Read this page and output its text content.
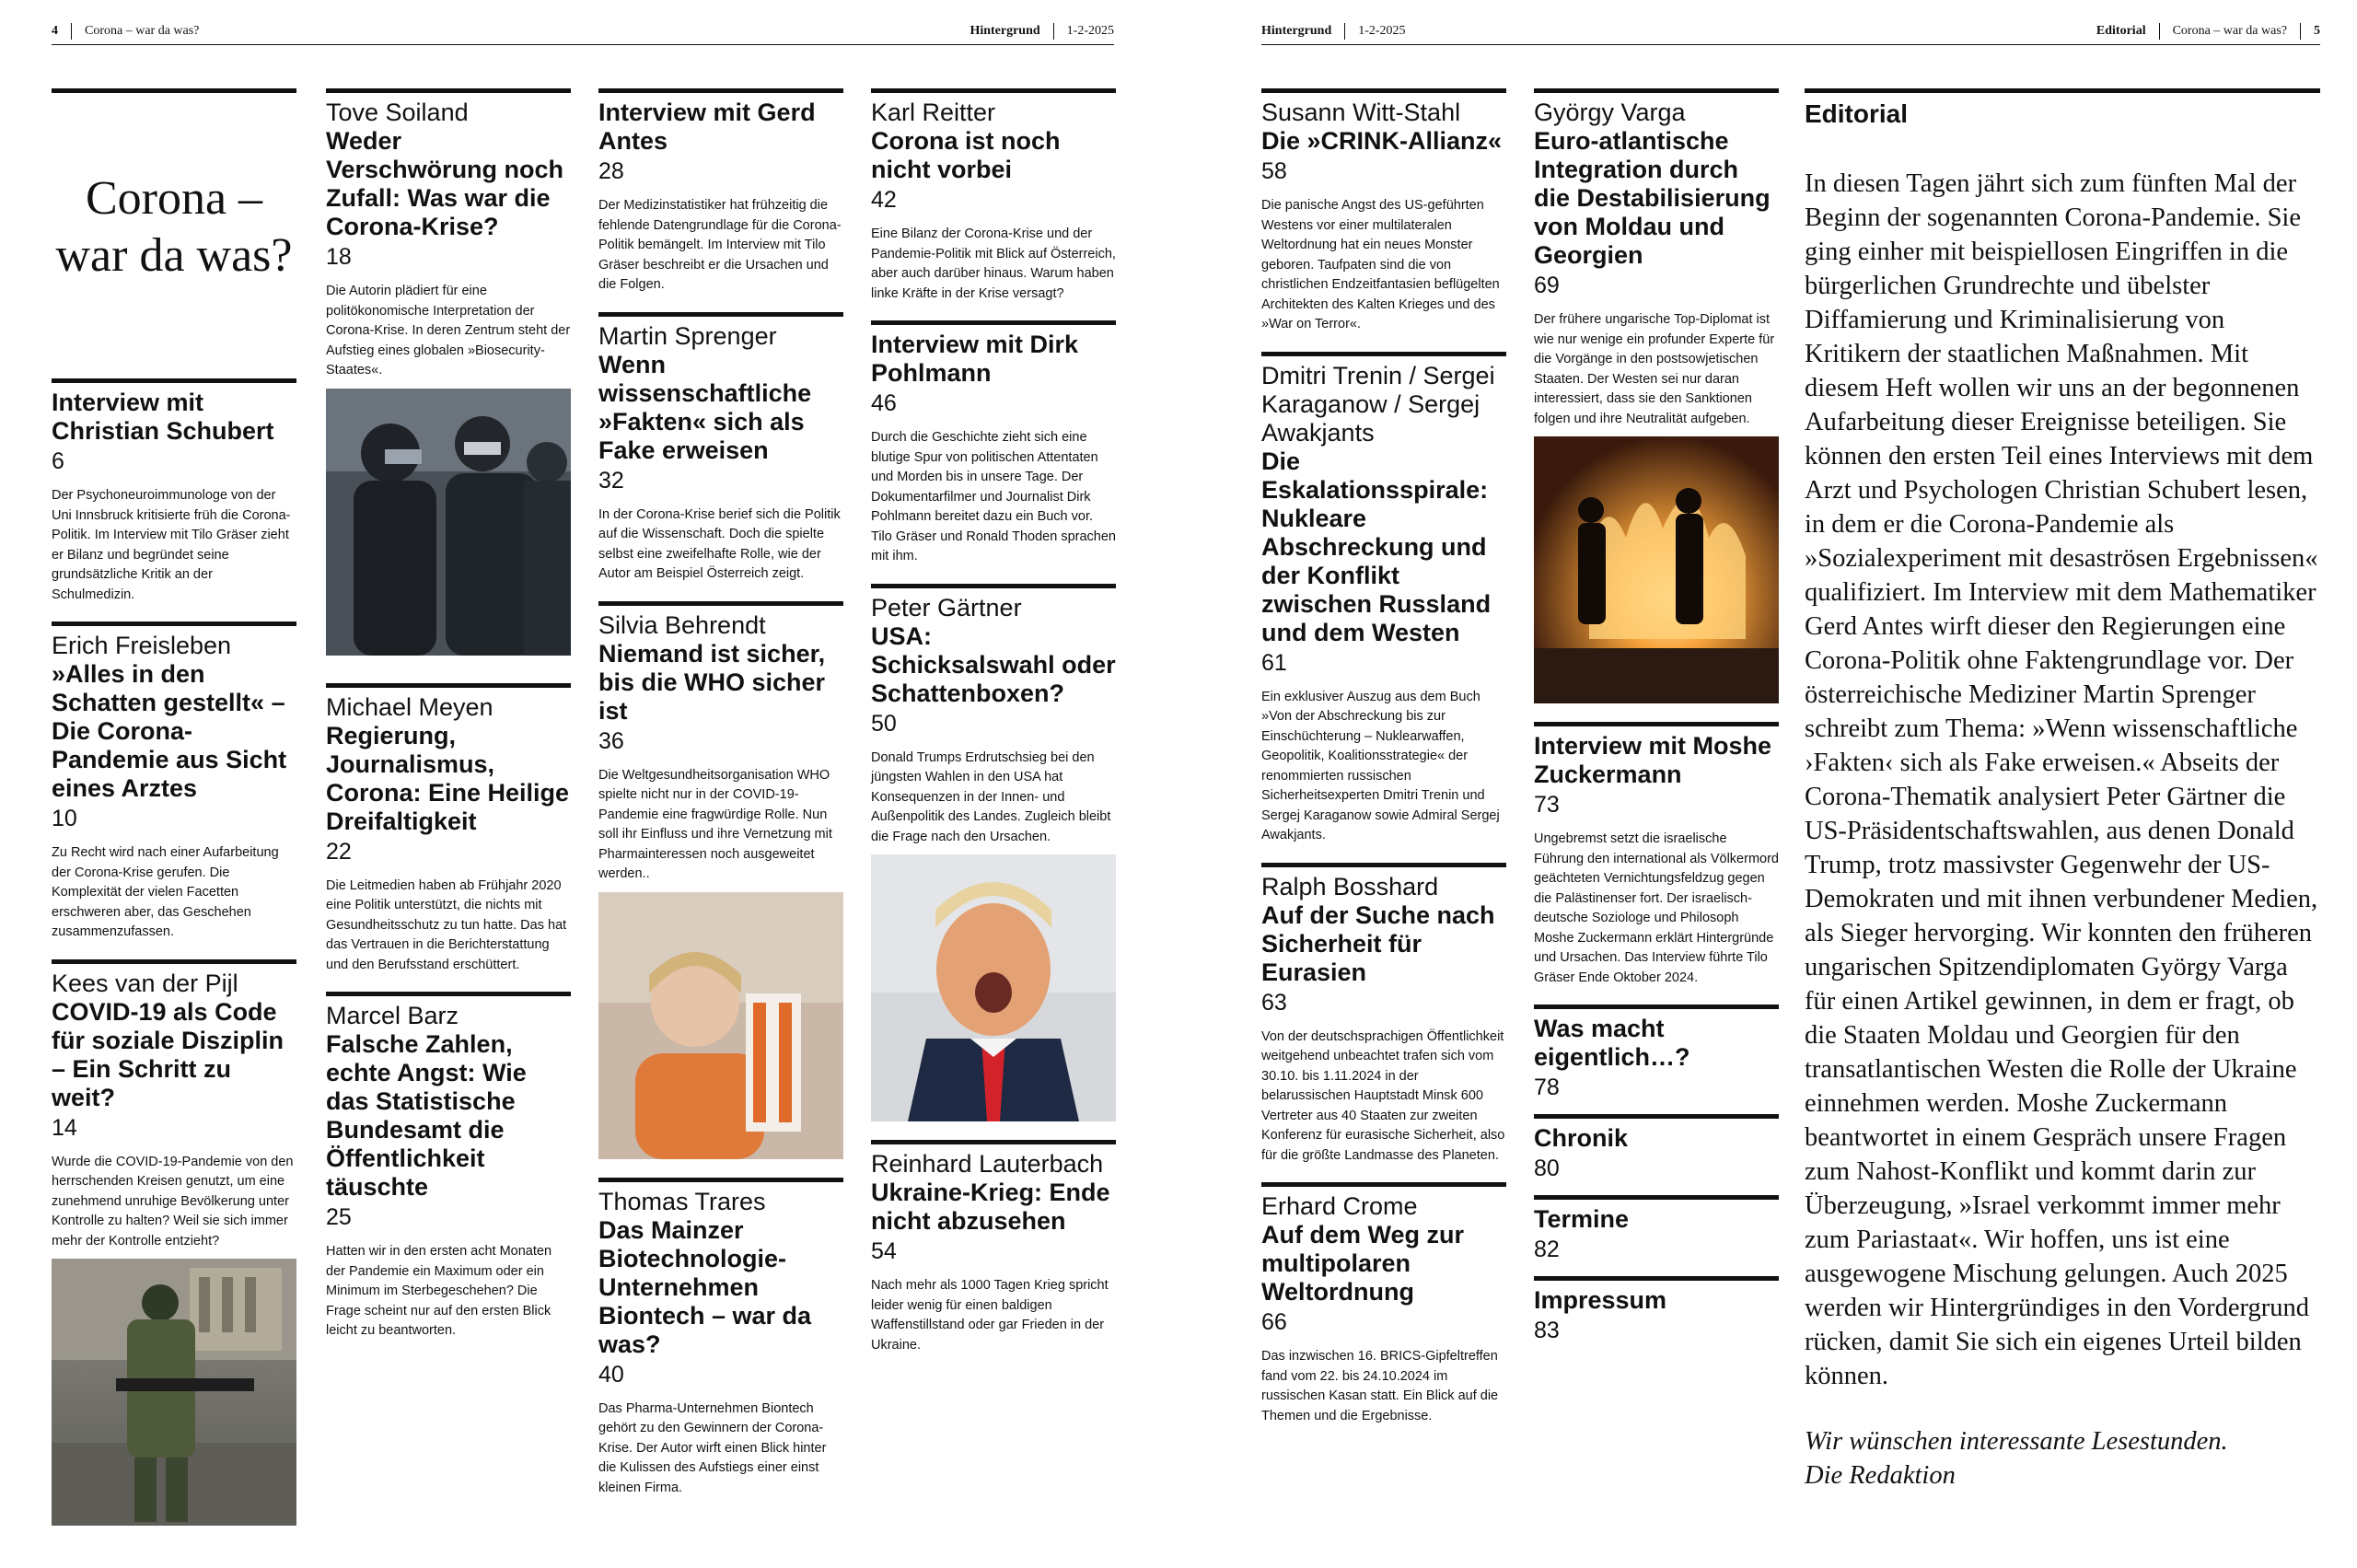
4 Corona – war da was?	Hintergrund 1-2-2025
Corona – war da was?
Interview mit Christian Schubert
6
Der Psychoneuroimmunologe von der Uni Innsbruck kritisierte früh die Corona-Politik. Im Interview mit Tilo Gräser zieht er Bilanz und begründet seine grundsätzliche Kritik an der Schulmedizin.
Erich Freisleben
»Alles in den Schatten gestellt« – Die Corona-Pandemie aus Sicht eines Arztes
10
Zu Recht wird nach einer Aufarbeitung der Corona-Krise gerufen. Die Komplexität der vielen Facetten erschweren aber, das Geschehen zusammenzufassen.
Kees van der Pijl
COVID-19 als Code für soziale Disziplin – Ein Schritt zu weit?
14
Wurde die COVID-19-Pandemie von den herrschenden Kreisen genutzt, um eine zunehmend unruhige Bevölkerung unter Kontrolle zu halten? Weil sie sich immer mehr der Kontrolle entzieht?
Tove Soiland
Weder Verschwörung noch Zufall: Was war die Corona-Krise?
18
Die Autorin plädiert für eine politökonomische Interpretation der Corona-Krise. In deren Zentrum steht der Aufstieg eines globalen »Biosecurity-Staates«.
Michael Meyen
Regierung, Journalismus, Corona: Eine Heilige Dreifaltigkeit
22
Die Leitmedien haben ab Frühjahr 2020 eine Politik unterstützt, die nichts mit Gesundheitsschutz zu tun hatte. Das hat das Vertrauen in die Berichterstattung und den Berufsstand erschüttert.
Marcel Barz
Falsche Zahlen, echte Angst: Wie das Statistische Bundesamt die Öffentlichkeit täuschte
25
Hatten wir in den ersten acht Monaten der Pandemie ein Maximum oder ein Minimum im Sterbegeschehen? Die Frage scheint nur auf den ersten Blick leicht zu beantworten.
Interview mit Gerd Antes
28
Der Medizinstatistiker hat frühzeitig die fehlende Datengrundlage für die Corona-Politik bemängelt. Im Interview mit Tilo Gräser beschreibt er die Ursachen und die Folgen.
Martin Sprenger
Wenn wissenschaftliche »Fakten« sich als Fake erweisen
32
In der Corona-Krise berief sich die Politik auf die Wissenschaft. Doch die spielte selbst eine zweifelhafte Rolle, wie der Autor am Beispiel Österreich zeigt.
Silvia Behrendt
Niemand ist sicher, bis die WHO sicher ist
36
Die Weltgesundheitsorganisation WHO spielte nicht nur in der COVID-19-Pandemie eine fragwürdige Rolle. Nun soll ihr Einfluss und ihre Vernetzung mit Pharmainteressen noch ausgeweitet werden..
Thomas Trares
Das Mainzer Biotechnologie-Unternehmen Biontech – war da was?
40
Das Pharma-Unternehmen Biontech gehört zu den Gewinnern der Corona-Krise. Der Autor wirft einen Blick hinter die Kulissen des Aufstiegs einer einst kleinen Firma.
Karl Reitter
Corona ist noch nicht vorbei
42
Eine Bilanz der Corona-Krise und der Pandemie-Politik mit Blick auf Österreich, aber auch darüber hinaus. Warum haben linke Kräfte in der Krise versagt?
Interview mit Dirk Pohlmann
46
Durch die Geschichte zieht sich eine blutige Spur von politischen Attentaten und Morden bis in unsere Tage. Der Dokumentarfilmer und Journalist Dirk Pohlmann bereitet dazu ein Buch vor. Tilo Gräser und Ronald Thoden sprachen mit ihm.
Peter Gärtner
USA: Schicksalswahl oder Schattenboxen?
50
Donald Trumps Erdrutschsieg bei den jüngsten Wahlen in den USA hat Konsequenzen in der Innen- und Außenpolitik des Landes. Zugleich bleibt die Frage nach den Ursachen.
Reinhard Lauterbach
Ukraine-Krieg: Ende nicht abzusehen
54
Nach mehr als 1000 Tagen Krieg spricht leider wenig für einen baldigen Waffenstillstand oder gar Frieden in der Ukraine.
Hintergrund 1-2-2025	Editorial Corona – war da was? 5
Susann Witt-Stahl
Die »CRINK-Allianz«
58
Die panische Angst des US-geführten Westens vor einer multilateralen Weltordnung hat ein neues Monster geboren. Taufpaten sind die von christlichen Endzeitfantasien beflügelten Architekten des Kalten Krieges und des »War on Terror«.
Dmitri Trenin / Sergei Karaganow / Sergej Awakjants
Die Eskalationsspirale: Nukleare Abschreckung und der Konflikt zwischen Russland und dem Westen
61
Ein exklusiver Auszug aus dem Buch »Von der Abschreckung bis zur Einschüchterung – Nuklearwaffen, Geopolitik, Koalitionsstrategie« der renommierten russischen Sicherheitsexperten Dmitri Trenin und Sergej Karaganow sowie Admiral Sergej Awakjants.
Ralph Bosshard
Auf der Suche nach Sicherheit für Eurasien
63
Von der deutschsprachigen Öffentlichkeit weitgehend unbeachtet trafen sich vom 30.10. bis 1.11.2024 in der belarussischen Hauptstadt Minsk 600 Vertreter aus 40 Staaten zur zweiten Konferenz für eurasische Sicherheit, also für die größte Landmasse des Planeten.
Erhard Crome
Auf dem Weg zur multipolaren Weltordnung
66
Das inzwischen 16. BRICS-Gipfeltreffen fand vom 22. bis 24.10.2024 im russischen Kasan statt. Ein Blick auf die Themen und die Ergebnisse.
György Varga
Euro-atlantische Integration durch die Destabilisierung von Moldau und Georgien
69
Der frühere ungarische Top-Diplomat ist wie nur wenige ein profunder Experte für die Vorgänge in den postsowjetischen Staaten. Der Westen sei nur daran interessiert, dass sie den Sanktionen folgen und ihre Neutralität aufgeben.
Interview mit Moshe Zuckermann
73
Ungebremst setzt die israelische Führung den international als Völkermord geächteten Vernichtungsfeldzug gegen die Palästinenser fort. Der israelisch-deutsche Soziologe und Philosoph Moshe Zuckermann erklärt Hintergründe und Ursachen. Das Interview führte Tilo Gräser Ende Oktober 2024.
Was macht eigentlich…?
78
Chronik
80
Termine
82
Impressum
83
Editorial
In diesen Tagen jährt sich zum fünften Mal der Beginn der sogenannten Corona-Pandemie. Sie ging einher mit beispiellosen Eingriffen in die bürgerlichen Grundrechte und übelster Diffamierung und Kriminalisierung von Kritikern der staatlichen Maßnahmen. Mit diesem Heft wollen wir uns an der begonnenen Aufarbeitung dieser Ereignisse beteiligen. Sie können den ersten Teil eines Interviews mit dem Arzt und Psychologen Christian Schubert lesen, in dem er die Corona-Pandemie als »Sozialexperiment mit desaströsen Ergebnissen« qualifiziert. Im Interview mit dem Mathematiker Gerd Antes wirft dieser den Regierungen eine Corona-Politik ohne Faktengrundlage vor. Der österreichische Mediziner Martin Sprenger schreibt zum Thema: »Wenn wissenschaftliche ›Fakten‹ sich als Fake erweisen.« Abseits der Corona-Thematik analysiert Peter Gärtner die US-Präsidentschaftswahlen, aus denen Donald Trump, trotz massivster Gegenwehr der US-Demokraten und mit ihnen verbundener Medien, als Sieger hervorging. Wir konnten den früheren ungarischen Spitzendiplomaten György Varga für einen Artikel gewinnen, in dem er fragt, ob die Staaten Moldau und Georgien für den transatlantischen Westen die Rolle der Ukraine einnehmen werden. Moshe Zuckermann beantwortet in einem Gespräch unsere Fragen zum Nahost-Konflikt und kommt darin zur Überzeugung, »Israel verkommt immer mehr zum Pariastaat«. Wir hoffen, uns ist eine ausgewogene Mischung gelungen. Auch 2025 werden wir Hintergründiges in den Vordergrund rücken, damit Sie sich ein eigenes Urteil bilden können.
Wir wünschen interessante Lesestunden.
Die Redaktion
